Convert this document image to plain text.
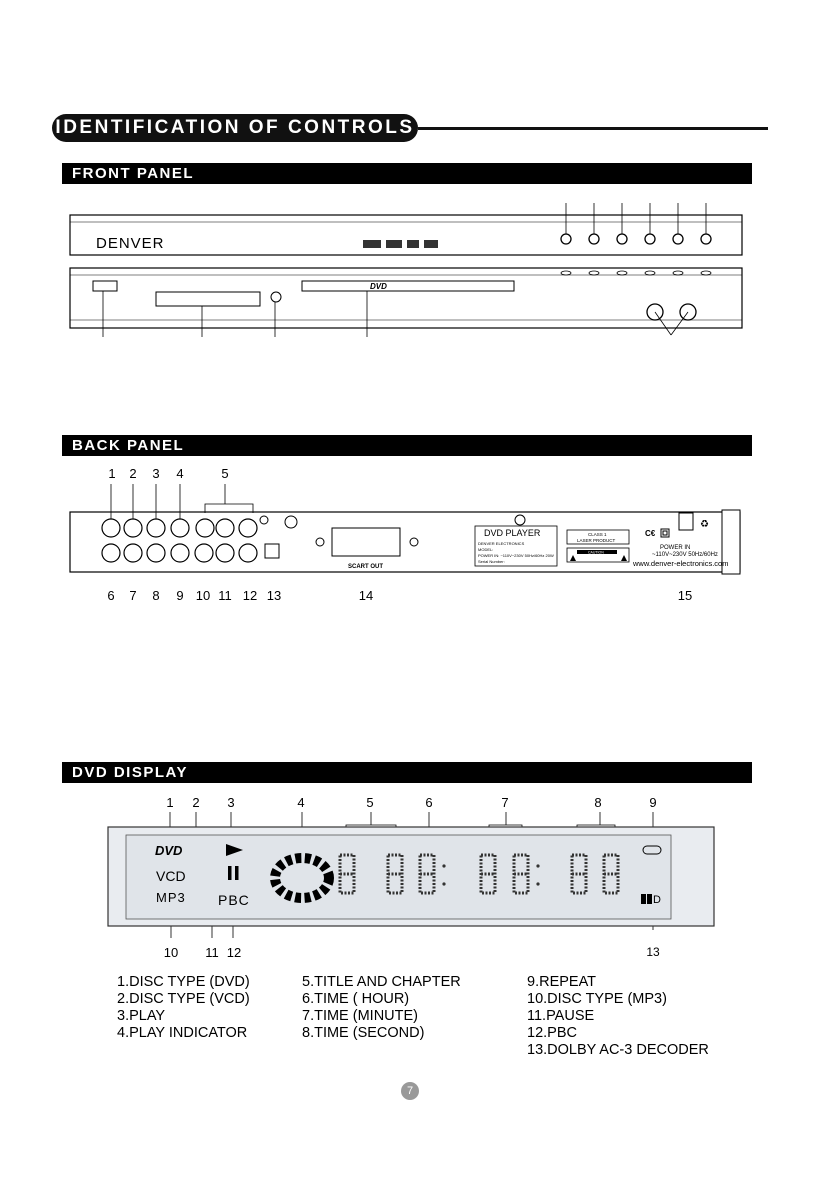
IDENTIFICATION OF CONTROLS
FRONT PANEL
DENVER
DVD
BACK PANEL
1	2	3	4	5
SCART OUT
DVD PLAYER
DENVER ELECTRONICS
MODEL:
POWER IN: ~110V~230V 50Hz/60Hz 20W
Serial Number:
CLASS 1
LASER PRODUCT
CAUTION
C€
♻
POWER IN
~110V~230V 50Hz/60Hz
www.denver-electronics.com
6	7	8	9 10 11 12 13	14	15
DVD DISPLAY
1	2	3	4	5	6	7	8	9
DVD
VCD
MP3 PBC	D
10	11 12	13
1.DISC TYPE (DVD)
2.DISC TYPE (VCD)
3.PLAY
4.PLAY INDICATOR
5.TITLE AND CHAPTER
6.TIME ( HOUR)
7.TIME (MINUTE)
8.TIME (SECOND)
9.REPEAT
10.DISC TYPE (MP3)
11.PAUSE
12.PBC
13.DOLBY AC-3 DECODER
7
